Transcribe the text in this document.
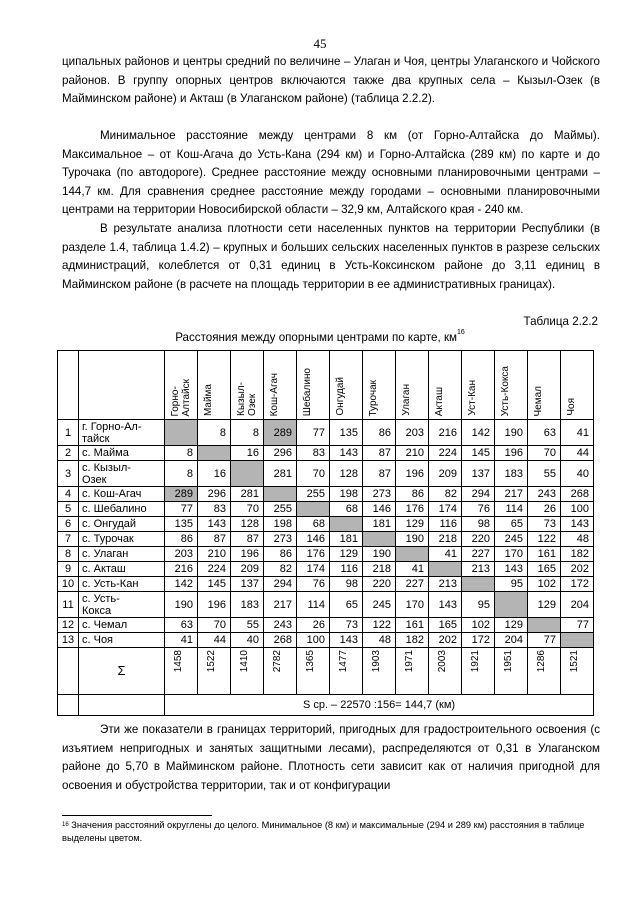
45

ципальных районов и центры средний по величине – Улаган и Чоя, центры Улаганского и Чойского районов. В группу опорных центров включаются также два крупных села – Кызыл-Озек (в Майминском районе) и Акташ (в Улаганском районе) (таблица 2.2.2).

Минимальное расстояние между центрами 8 км (от Горно-Алтайска до Маймы). Максимальное – от Кош-Агача до Усть-Кана (294 км) и Горно-Алтайска (289 км) по карте и до Турочака (по автодороге). Среднее расстояние между основными планировочными центрами – 144,7 км. Для сравнения среднее расстояние между городами – основными планировочными центрами на территории Новосибирской области – 32,9 км, Алтайского края - 240 км.

В результате анализа плотности сети населенных пунктов на территории Республики (в разделе 1.4, таблица 1.4.2) – крупных и больших сельских населенных пунктов в разрезе сельских администраций, колеблется от 0,31 единиц в Усть-Коксинском районе до 3,11 единиц в Майминском районе (в расчете на площадь территории в ее административных границах).

Таблица 2.2.2
Расстояния между опорными центрами по карте, $км^{16}$
		Горно-
Алтайск	Майма	Кызыл-
Озек	Кош-Агач	Шебалино	Онгудай	Турочак	Улаган	Акташ	Уст-Кан	Усть-Кокса	Чемал	Чоя
1	г. Горно-Ал-
тайск		8	8	289	77	135	86	203	216	142	190	63	41
2	с. Майма	8		16	296	83	143	87	210	224	145	196	70	44
3	с. Кызыл-
Озек	8	16		281	70	128	87	196	209	137	183	55	40
4	с. Кош-Агач	289	296	281		255	198	273	86	82	294	217	243	268
5	с. Шебалино	77	83	70	255		68	146	176	174	76	114	26	100
6	с. Онгудай	135	143	128	198	68		181	129	116	98	65	73	143
7	с. Турочак	86	87	87	273	146	181		190	218	220	245	122	48
8	с. Улаган	203	210	196	86	176	129	190		41	227	170	161	182
9	с. Акташ	216	224	209	82	174	116	218	41		213	143	165	202
10	с. Усть-Кан	142	145	137	294	76	98	220	227	213		95	102	172
11	с. Усть-
Кокса	190	196	183	217	114	65	245	170	143	95		129	204
12	с. Чемал	63	70	55	243	26	73	122	161	165	102	129		77
13	с. Чоя	41	44	40	268	100	143	48	182	202	172	204	77	
	Σ	1458	1522	1410	2782	1365	1477	1903	1971	2003	1921	1951	1286	1521
		S ср. – 22570 :156= 144,7 (км)												

Эти же показатели в границах территорий, пригодных для градостроительного освоения (с изъятием непригодных и занятых защитными лесами), распределяются от 0,31 в Улаганском районе до 5,70 в Майминском районе. Плотность сети зависит как от наличия пригодной для освоения и обустройства территории, так и от конфигурации

$^{16}$ Значения расстояний округлены до целого. Минимальное (8 км) и максимальные (294 и 289 км) расстояния в таблице выделены цветом.
